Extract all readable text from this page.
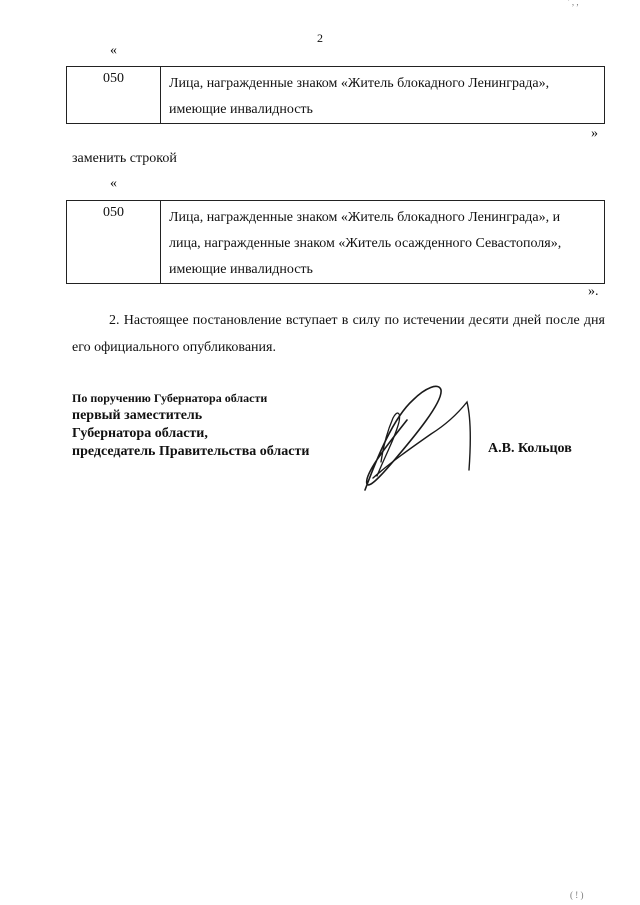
2
' , ,
«
050	Лица, награжденные знаком «Житель блокадного Ленинграда»,
имеющие инвалидность
»
заменить строкой
«
050	Лица, награжденные знаком «Житель блокадного Ленинграда», и
лица, награжденные знаком «Житель осажденного Севастополя»,
имеющие инвалидность
».
2. Настоящее постановление вступает в силу по истечении десяти дней после дня его официального опубликования.
По поручению Губернатора области
первый заместитель
Губернатора области,
председатель Правительства области	А.В. Кольцов
( ! )
